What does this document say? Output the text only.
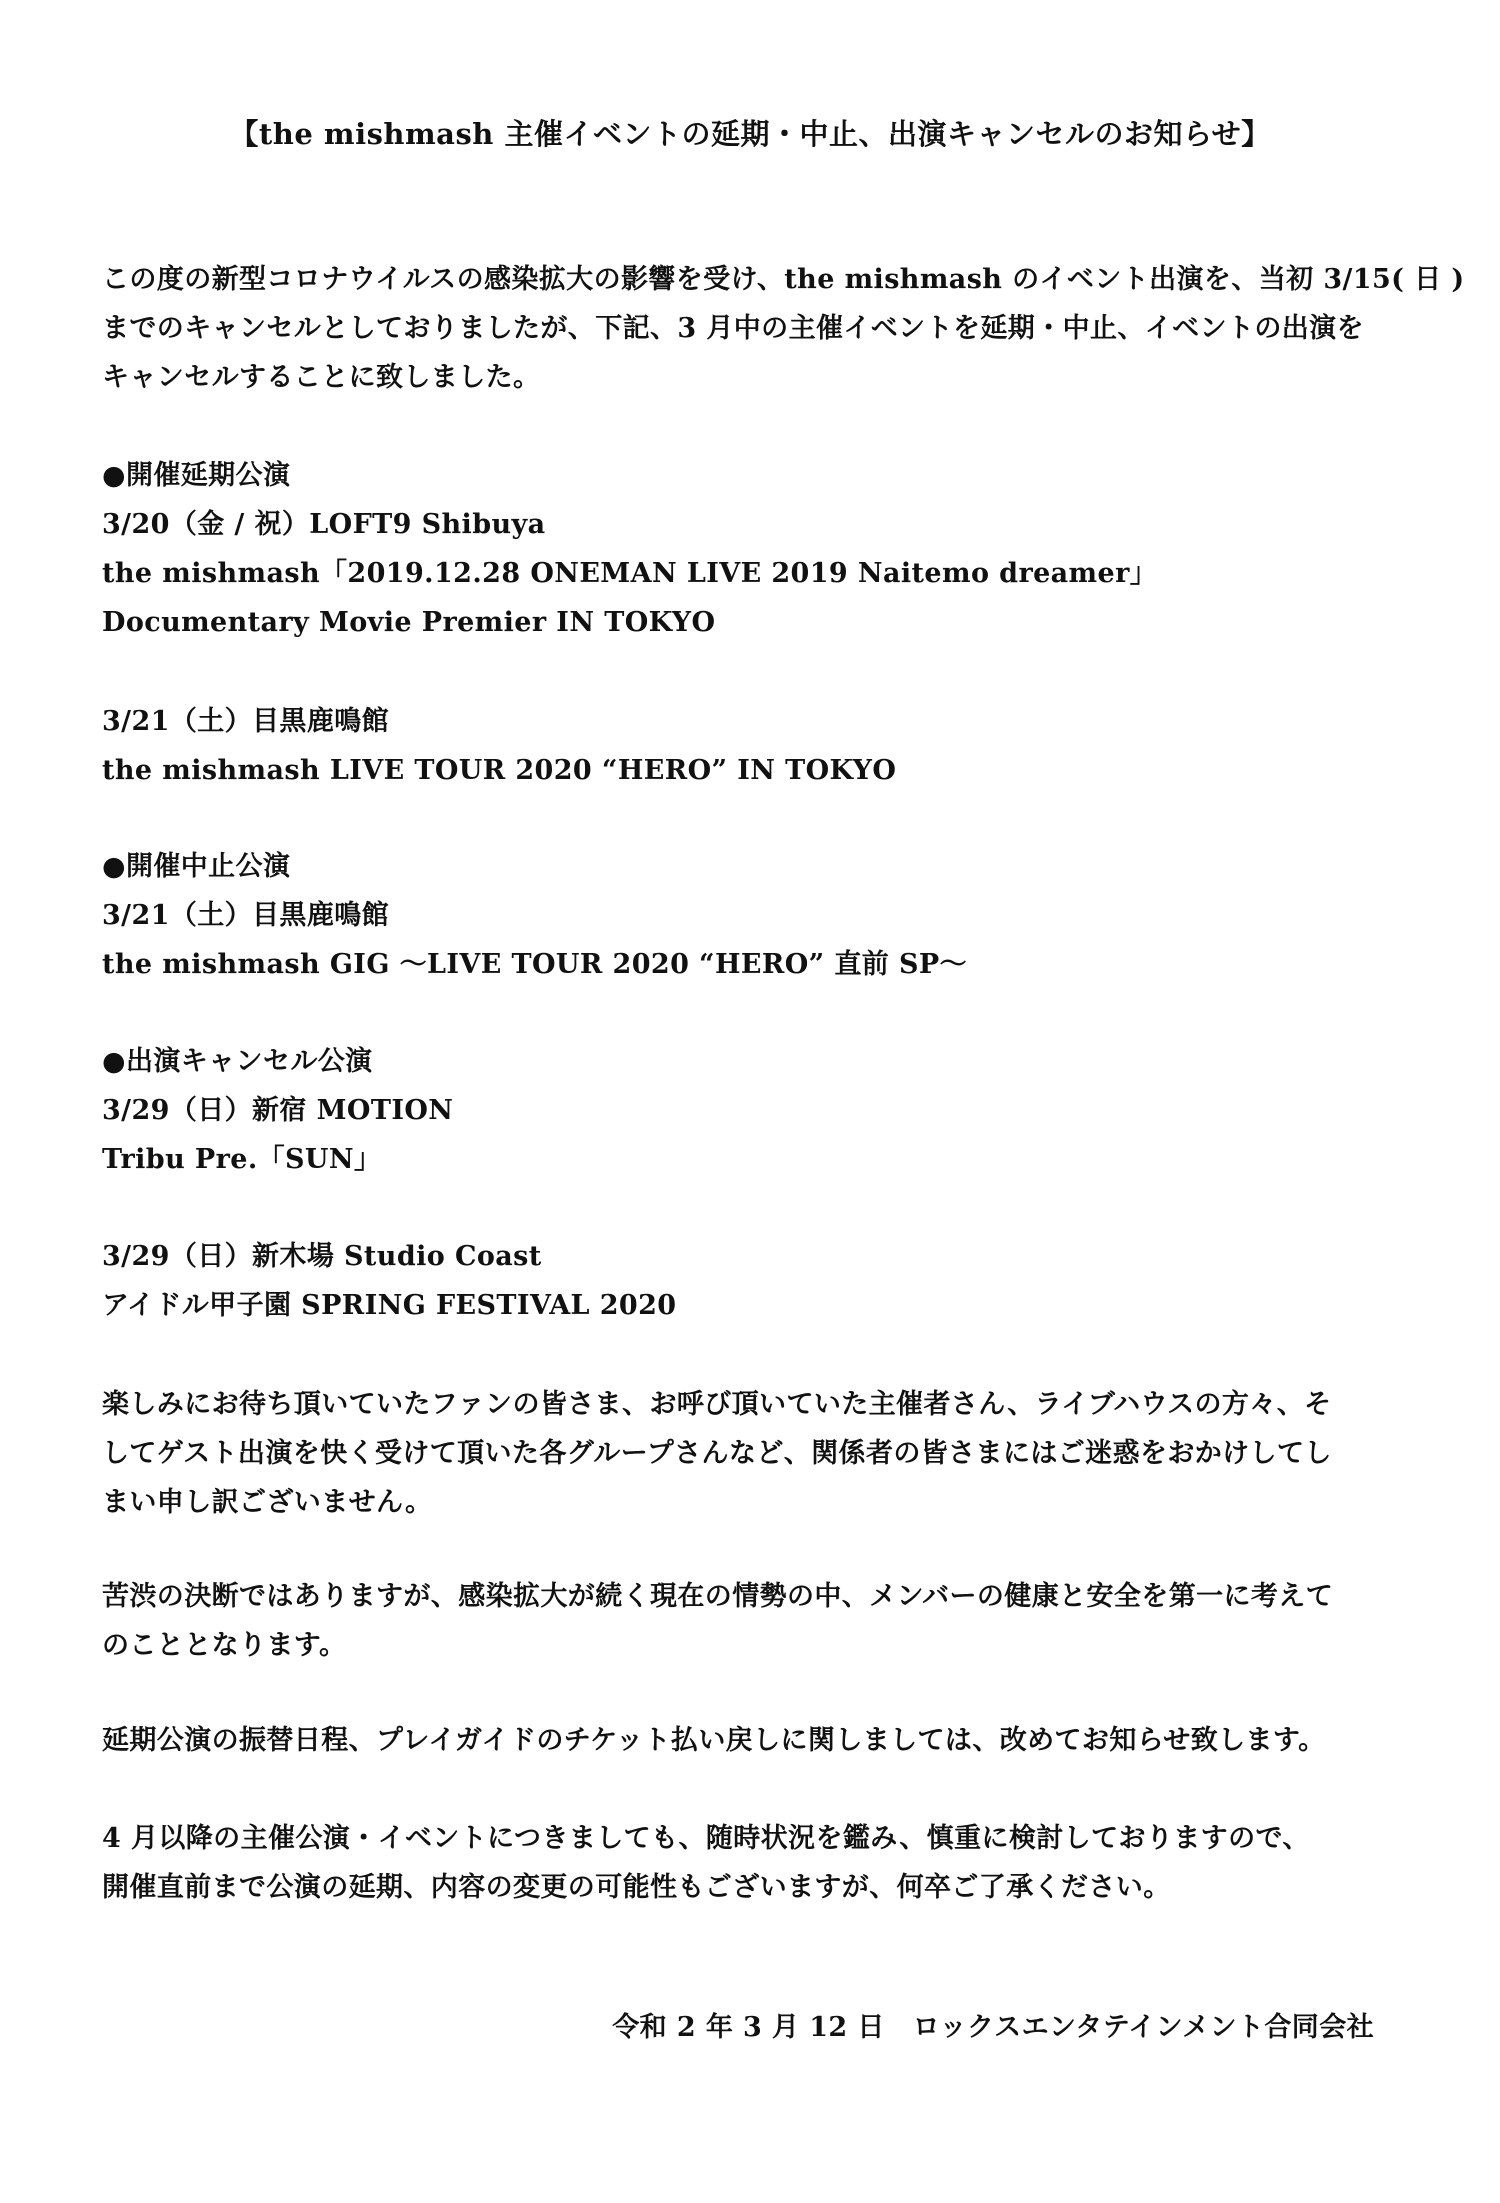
【the mishmash 主催イベントの延期・中止、出演キャンセルのお知らせ】

この度の新型コロナウイルスの感染拡大の影響を受け、the mishmash のイベント出演を、当初 3/15( 日 )

までのキャンセルとしておりましたが、下記、3 月中の主催イベントを延期・中止、イベントの出演を

キャンセルすることに致しました。

●開催延期公演

3/20（金 / 祝）LOFT9 Shibuya

the mishmash「2019.12.28 ONEMAN LIVE 2019 Naitemo dreamer」

Documentary Movie Premier IN TOKYO

3/21（土）目黒鹿鳴館

the mishmash LIVE TOUR 2020 “HERO” IN TOKYO

●開催中止公演

3/21（土）目黒鹿鳴館

the mishmash GIG 〜LIVE TOUR 2020 “HERO” 直前 SP〜

●出演キャンセル公演

3/29（日）新宿 MOTION

Tribu Pre.「SUN」

3/29（日）新木場 Studio Coast

アイドル甲子園 SPRING FESTIVAL 2020

楽しみにお待ち頂いていたファンの皆さま、お呼び頂いていた主催者さん、ライブハウスの方々、そ

してゲスト出演を快く受けて頂いた各グループさんなど、関係者の皆さまにはご迷惑をおかけしてし

まい申し訳ございません。

苦渋の決断ではありますが、感染拡大が続く現在の情勢の中、メンバーの健康と安全を第一に考えて

のこととなります。

延期公演の振替日程、プレイガイドのチケット払い戻しに関しましては、改めてお知らせ致します。

4 月以降の主催公演・イベントにつきましても、随時状況を鑑み、慎重に検討しておりますので、

開催直前まで公演の延期、内容の変更の可能性もございますが、何卒ご了承ください。

令和 2 年 3 月 12 日 ロックスエンタテインメント合同会社
